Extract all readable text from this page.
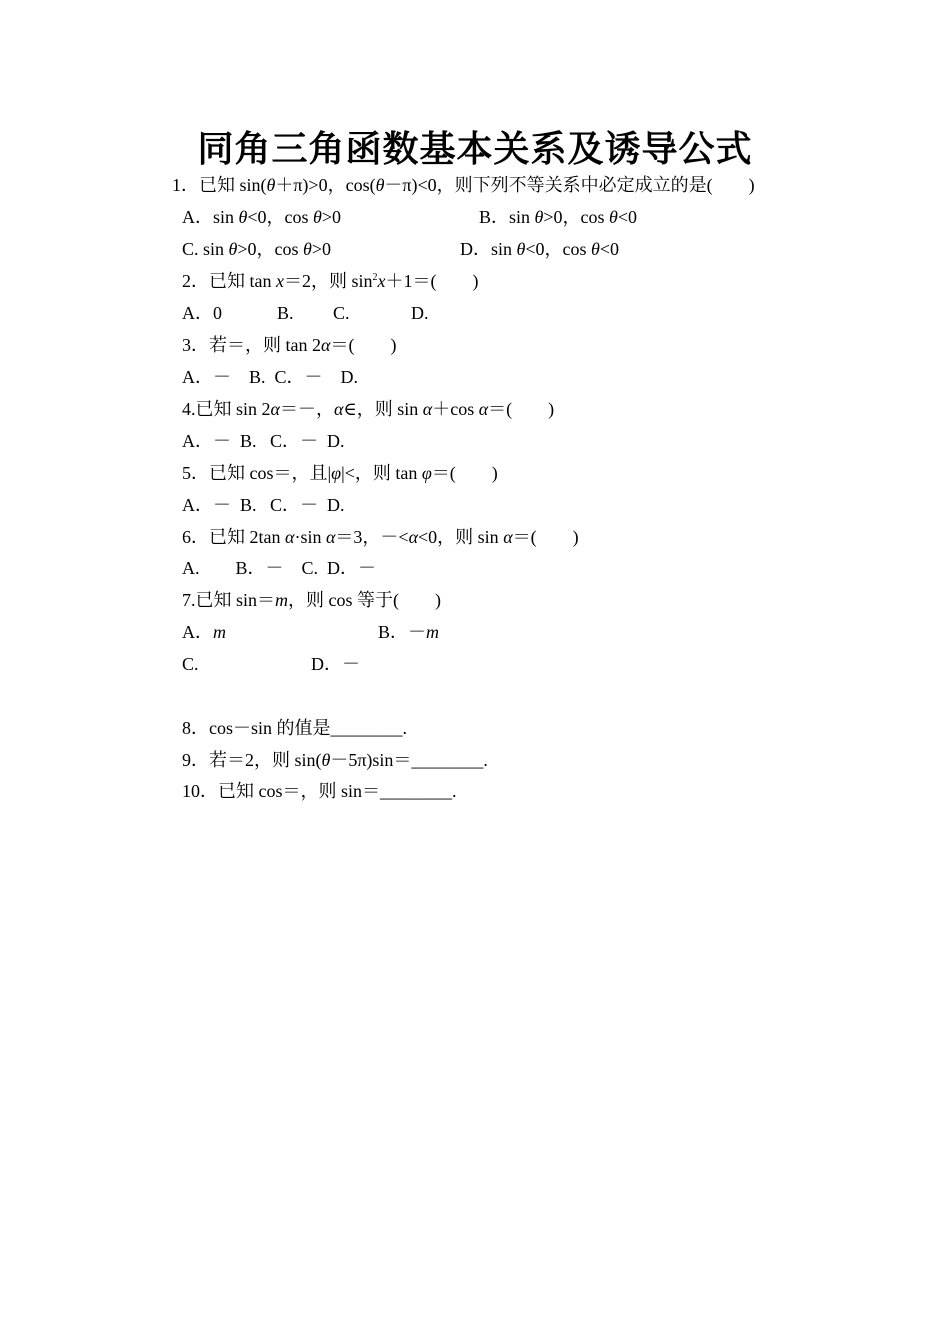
同角三角函数基本关系及诱导公式
1．已知 sin(θ＋π)>0，cos(θ－π)<0，则下列不等关系中必定成立的是(　　)
A．sin θ<0，cos θ>0	B．sin θ>0，cos θ<0
C. sin θ>0，cos θ>0	D．sin θ<0，cos θ<0
2．已知 tan x＝2，则 $\sin^2x+1=$(　　)
A．0	B. C.	D.
3．若＝，则 tan 2α＝(　　)
A．－　B.  C．－　D.
4.已知 sin 2α＝－，α∈，则 sin α＋cos α＝(　　)
A．－  B.   C．－  D.
5．已知 cos＝，且|φ|<，则 tan φ＝(　　)
A．－  B.   C．－  D.
6．已知 2tan α·sin α＝3，－<α<0，则 sin α＝(　　)
A.　　B．－　C.  D．－
7.已知 sin＝m，则 cos 等于(　　)
A．m	B．－m
C.	D．－
8．cos－sin 的值是________.
9．若＝2，则 sin(θ－5π)sin＝________.
10．已知 cos＝，则 sin＝________.
